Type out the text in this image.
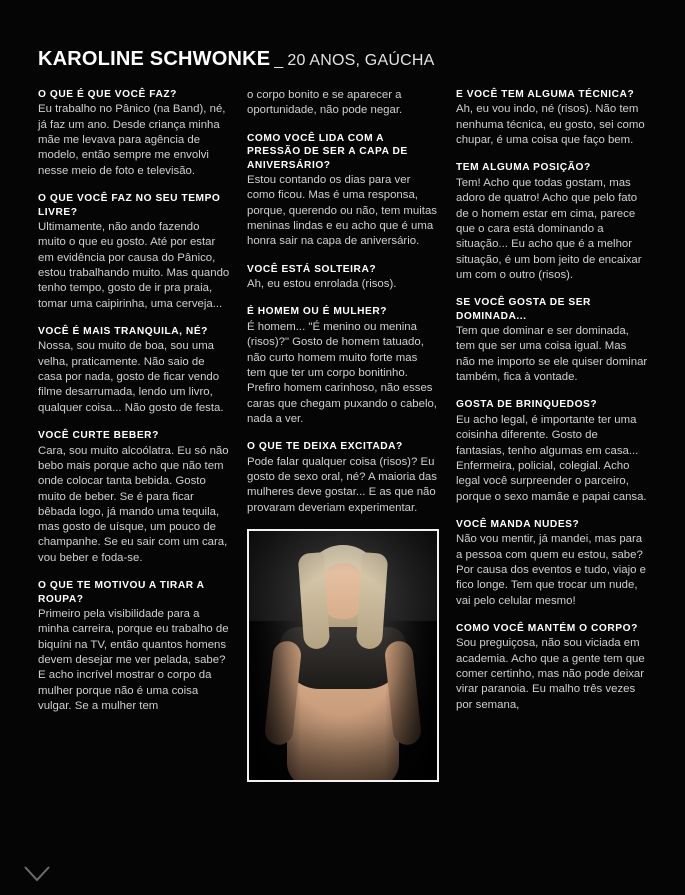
KAROLINE SCHWONKE _ 20 ANOS, GAÚCHA

O QUE É QUE VOCÊ FAZ?

Eu trabalho no Pânico (na Band), né, já faz um ano. Desde criança minha mãe me levava para agência de modelo, então sempre me envolvi nesse meio de foto e televisão.

O QUE VOCÊ FAZ NO SEU TEMPO LIVRE?

Ultimamente, não ando fazendo muito o que eu gosto. Até por estar em evidência por causa do Pânico, estou trabalhando muito. Mas quando tenho tempo, gosto de ir pra praia, tomar uma caipirinha, uma cerveja...

VOCÊ É MAIS TRANQUILA, NÉ?

Nossa, sou muito de boa, sou uma velha, praticamente. Não saio de casa por nada, gosto de ficar vendo filme desarrumada, lendo um livro, qualquer coisa... Não gosto de festa.

VOCÊ CURTE BEBER?

Cara, sou muito alcoólatra. Eu só não bebo mais porque acho que não tem onde colocar tanta bebida. Gosto muito de beber. Se é para ficar bêbada logo, já mando uma tequila, mas gosto de uísque, um pouco de champanhe. Se eu sair com um cara, vou beber e foda-se.

O QUE TE MOTIVOU A TIRAR A ROUPA?

Primeiro pela visibilidade para a minha carreira, porque eu trabalho de biquíni na TV, então quantos homens devem desejar me ver pelada, sabe? E acho incrível mostrar o corpo da mulher porque não é uma coisa vulgar. Se a mulher tem

o corpo bonito e se aparecer a oportunidade, não pode negar.

COMO VOCÊ LIDA COM A PRESSÃO DE SER A CAPA DE ANIVERSÁRIO?

Estou contando os dias para ver como ficou. Mas é uma responsa, porque, querendo ou não, tem muitas meninas lindas e eu acho que é uma honra sair na capa de aniversário.

VOCÊ ESTÁ SOLTEIRA?

Ah, eu estou enrolada (risos).

É HOMEM OU É MULHER?

É homem... "É menino ou menina (risos)?" Gosto de homem tatuado, não curto homem muito forte mas tem que ter um corpo bonitinho. Prefiro homem carinhoso, não esses caras que chegam puxando o cabelo, nada a ver.

O QUE TE DEIXA EXCITADA?

Pode falar qualquer coisa (risos)? Eu gosto de sexo oral, né? A maioria das mulheres deve gostar... E as que não provaram deveriam experimentar.

E VOCÊ TEM ALGUMA TÉCNICA?

Ah, eu vou indo, né (risos). Não tem nenhuma técnica, eu gosto, sei como chupar, é uma coisa que faço bem.

TEM ALGUMA POSIÇÃO?

Tem! Acho que todas gostam, mas adoro de quatro! Acho que pelo fato de o homem estar em cima, parece que o cara está dominando a situação... Eu acho que é a melhor situação, é um bom jeito de encaixar um com o outro (risos).

SE VOCÊ GOSTA DE SER DOMINADA...

Tem que dominar e ser dominada, tem que ser uma coisa igual. Mas não me importo se ele quiser dominar também, fica à vontade.

GOSTA DE BRINQUEDOS?

Eu acho legal, é importante ter uma coisinha diferente. Gosto de fantasias, tenho algumas em casa... Enfermeira, policial, colegial. Acho legal você surpreender o parceiro, porque o sexo mamãe e papai cansa.

VOCÊ MANDA NUDES?

Não vou mentir, já mandei, mas para a pessoa com quem eu estou, sabe? Por causa dos eventos e tudo, viajo e fico longe. Tem que trocar um nude, vai pelo celular mesmo!

COMO VOCÊ MANTÉM O CORPO?

Sou preguiçosa, não sou viciada em academia. Acho que a gente tem que comer certinho, mas não pode deixar virar paranoia. Eu malho três vezes por semana,
